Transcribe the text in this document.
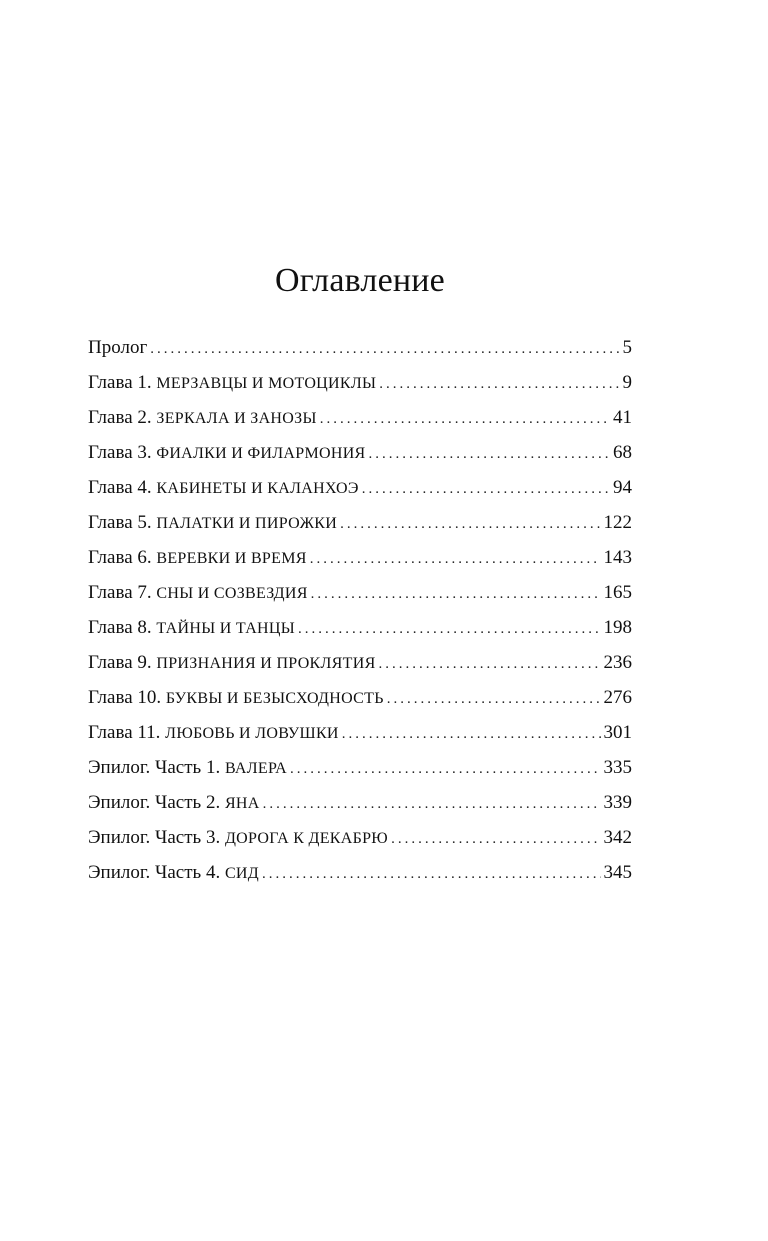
Оглавление
Пролог .....	5
Глава 1. МЕРЗАВЦЫ И МОТОЦИКЛЫ .....	9
Глава 2. ЗЕРКАЛА И ЗАНОЗЫ .....	41
Глава 3. ФИАЛКИ И ФИЛАРМОНИЯ .....	68
Глава 4. КАБИНЕТЫ И КАЛАНХОЭ .....	94
Глава 5. ПАЛАТКИ И ПИРОЖКИ .....	122
Глава 6. ВЕРЕВКИ И ВРЕМЯ .....	143
Глава 7. СНЫ И СОЗВЕЗДИЯ .....	165
Глава 8. ТАЙНЫ И ТАНЦЫ .....	198
Глава 9. ПРИЗНАНИЯ И ПРОКЛЯТИЯ .....	236
Глава 10. БУКВЫ И БЕЗЫСХОДНОСТЬ .....	276
Глава 11. ЛЮБОВЬ И ЛОВУШКИ .....	301
Эпилог. Часть 1. ВАЛЕРА .....	335
Эпилог. Часть 2. ЯНА .....	339
Эпилог. Часть 3. ДОРОГА К ДЕКАБРЮ .....	342
Эпилог. Часть 4. СИД .....	345
